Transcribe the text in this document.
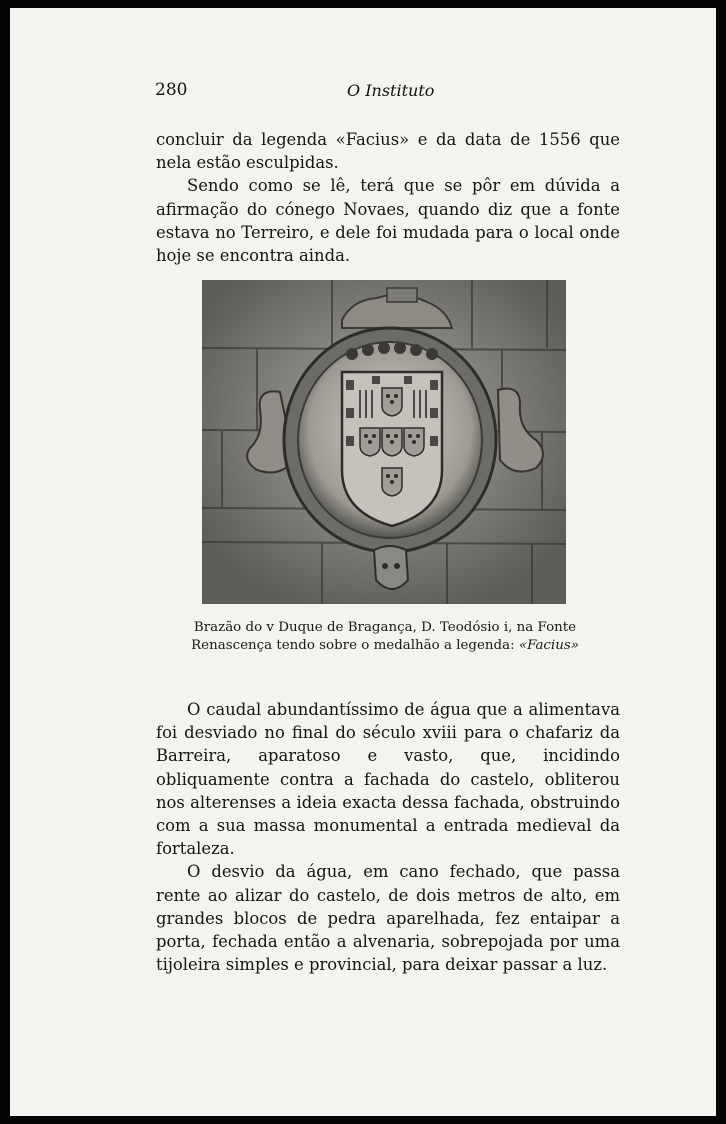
280	O Instituto

concluir da legenda «Facius» e da data de 1556 que nela estão esculpidas.

Sendo como se lê, terá que se pôr em dúvida a afirmação do cónego Novaes, quando diz que a fonte estava no Terreiro, e dele foi mudada para o local onde hoje se encontra ainda.

Brazão do v Duque de Bragança, D. Teodósio i, na Fonte Renascença tendo sobre o medalhão a legenda: «Facius»

O caudal abundantíssimo de água que a alimentava foi desviado no final do século xviii para o chafariz da Barreira, aparatoso e vasto, que, incidindo obliquamente contra a fachada do castelo, obliterou nos alterenses a ideia exacta dessa fachada, obstruindo com a sua massa monumental a entrada medieval da fortaleza.

O desvio da água, em cano fechado, que passa rente ao alizar do castelo, de dois metros de alto, em grandes blocos de pedra aparelhada, fez entaipar a porta, fechada então a alvenaria, sobrepojada por uma tijoleira simples e provincial, para deixar passar a luz.
